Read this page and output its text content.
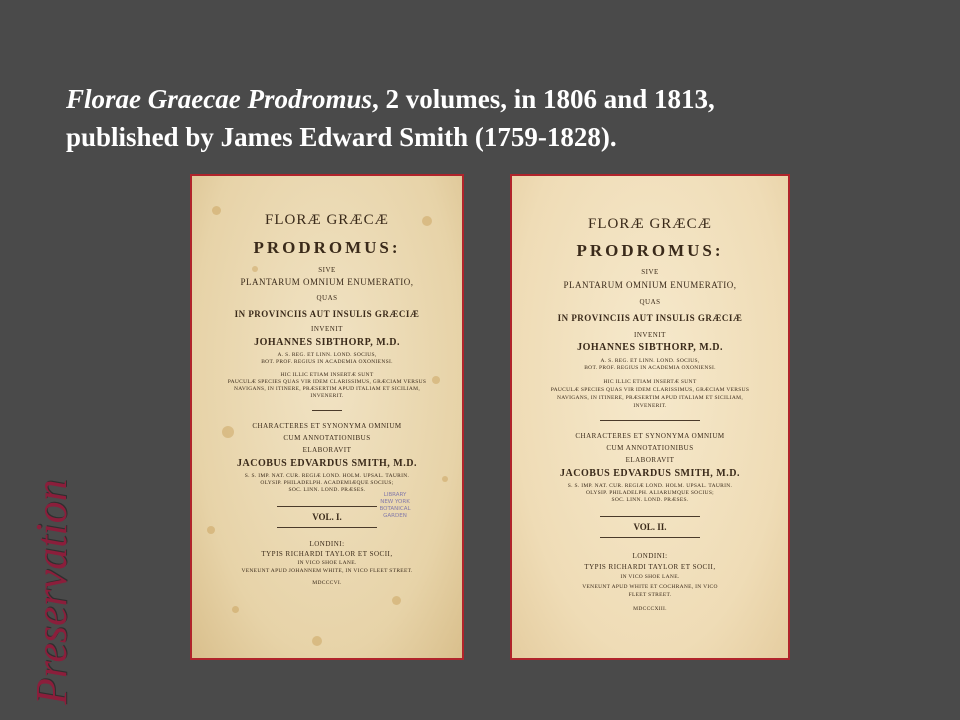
Florae Graecae Prodromus, 2 volumes, in 1806 and 1813,
published by James Edward Smith (1759-1828).
FLORÆ GRÆCÆ
PRODROMUS:
SIVE
PLANTARUM OMNIUM ENUMERATIO,
QUAS
IN PROVINCIIS AUT INSULIS GRÆCIÆ
INVENIT
JOHANNES SIBTHORP, M.D.
A. S. REG. ET LINN. LOND. SOCIUS,
BOT. PROF. REGIUS IN ACADEMIA OXONIENSI.
HIC ILLIC ETIAM INSERTÆ SUNT
PAUCULÆ SPECIES QUAS VIR IDEM CLARISSIMUS, GRÆCIAM VERSUS
NAVIGANS, IN ITINERE, PRÆSERTIM APUD ITALIAM ET SICILIAM,
INVENERIT.
CHARACTERES ET SYNONYMA OMNIUM
CUM ANNOTATIONIBUS
ELABORAVIT
JACOBUS EDVARDUS SMITH, M.D.
S. S. IMP. NAT. CUR. REGIÆ LOND. HOLM. UPSAL. TAURIN.
OLYSIP. PHILADELPH. ACADEMIÆQUE SOCIUS;
SOC. LINN. LOND. PRÆSES.
VOL. I.
LONDINI:
TYPIS RICHARDI TAYLOR ET SOCII,
IN VICO SHOE LANE.
VENEUNT APUD JOHANNEM WHITE, IN VICO FLEET STREET.
MDCCCVI.
LIBRARY
NEW YORK
BOTANICAL
GARDEN
FLORÆ GRÆCÆ
PRODROMUS:
SIVE
PLANTARUM OMNIUM ENUMERATIO,
QUAS
IN PROVINCIIS AUT INSULIS GRÆCIÆ
INVENIT
JOHANNES SIBTHORP, M.D.
A. S. REG. ET LINN. LOND. SOCIUS,
BOT. PROF. REGIUS IN ACADEMIA OXONIENSI.
HIC ILLIC ETIAM INSERTÆ SUNT
PAUCULÆ SPECIES QUAS VIR IDEM CLARISSIMUS, GRÆCIAM VERSUS
NAVIGANS, IN ITINERE, PRÆSERTIM APUD ITALIAM ET SICILIAM,
INVENERIT.
CHARACTERES ET SYNONYMA OMNIUM
CUM ANNOTATIONIBUS
ELABORAVIT
JACOBUS EDVARDUS SMITH, M.D.
S. S. IMP. NAT. CUR. REGIÆ LOND. HOLM. UPSAL. TAURIN.
OLYSIP. PHILADELPH. ALIARUMQUE SOCIUS;
SOC. LINN. LOND. PRÆSES.
VOL. II.
LONDINI:
TYPIS RICHARDI TAYLOR ET SOCII,
IN VICO SHOE LANE.
VENEUNT APUD WHITE ET COCHRANE, IN VICO
FLEET STREET.
MDCCCXIII.
Preservation
